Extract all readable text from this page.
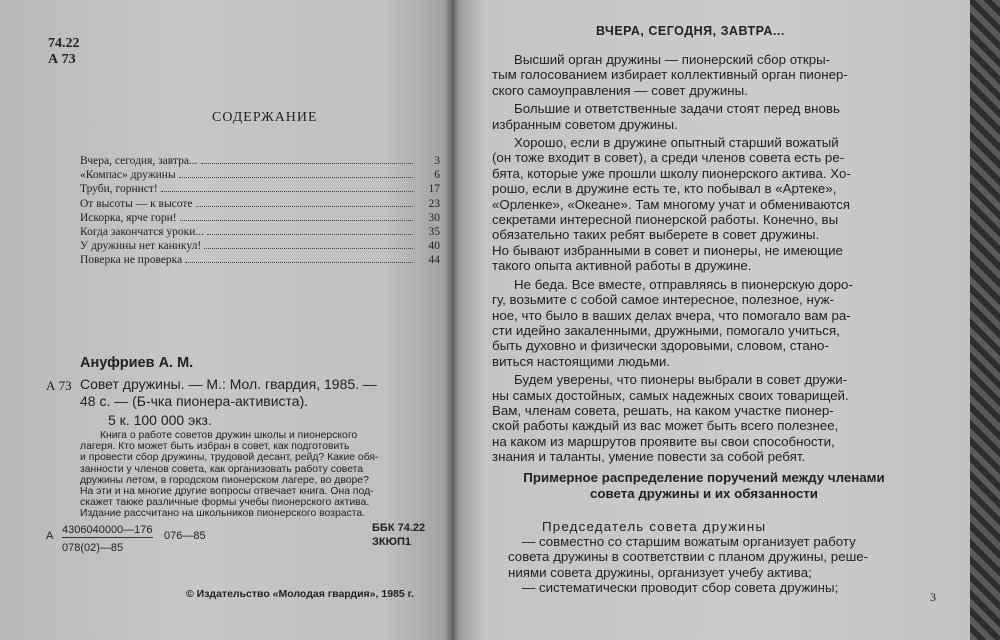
74.22
А 73
СОДЕРЖАНИЕ
Вчера, сегодня, завтра...	3
«Компас» дружины	6
Труби, горнист!	17
От высоты — к высоте	23
Искорка, ярче гори!	30
Когда закончатся уроки...	35
У дружины нет каникул!	40
Поверка не проверка	44
Ануфриев А. М.
А 73 Совет дружины. — М.: Мол. гвардия, 1985. —
48 с. — (Б-чка пионера-активиста).
5 к. 100 000 экз.
Книга о работе советов дружин школы и пионерского
лагеря. Кто может быть избран в совет, как подготовить
и провести сбор дружины, трудовой десант, рейд? Какие обя-
занности у членов совета, как организовать работу совета
дружины летом, в городском пионерском лагере, во дворе?
На эти и на многие другие вопросы отвечает книга. Она под-
скажет также различные формы учебы пионерского актива.
Издание рассчитано на школьников пионерского возраста.
А 4306040000—176 076—85
078(02)—85
ББК 74.22
ЗКЮП1
© Издательство «Молодая гвардия», 1985 г.
ВЧЕРА, СЕГОДНЯ, ЗАВТРА...
Высший орган дружины — пионерский сбор откры-
тым голосованием избирает коллективный орган пионер-
ского самоуправления — совет дружины.
Большие и ответственные задачи стоят перед вновь
избранным советом дружины.
Хорошо, если в дружине опытный старший вожатый
(он тоже входит в совет), а среди членов совета есть ре-
бята, которые уже прошли школу пионерского актива. Хо-
рошо, если в дружине есть те, кто побывал в «Артеке»,
«Орленке», «Океане». Там многому учат и обмениваются
секретами интересной пионерской работы. Конечно, вы
обязательно таких ребят выберете в совет дружины.
Но бывают избранными в совет и пионеры, не имеющие
такого опыта активной работы в дружине.
Не беда. Все вместе, отправляясь в пионерскую доро-
гу, возьмите с собой самое интересное, полезное, нуж-
ное, что было в ваших делах вчера, что помогало вам ра-
сти идейно закаленными, дружными, помогало учиться,
быть духовно и физически здоровыми, словом, стано-
виться настоящими людьми.
Будем уверены, что пионеры выбрали в совет дружи-
ны самых достойных, самых надежных своих товарищей.
Вам, членам совета, решать, на каком участке пионер-
ской работы каждый из вас может быть всего полезнее,
на каком из маршрутов проявите вы свои способности,
знания и таланты, умение повести за собой ребят.
Примерное распределение поручений между членами
совета дружины и их обязанности
Председатель совета дружины
— совместно со старшим вожатым организует работу
совета дружины в соответствии с планом дружины, реше-
ниями совета дружины, организует учебу актива;
— систематически проводит сбор совета дружины;
3
